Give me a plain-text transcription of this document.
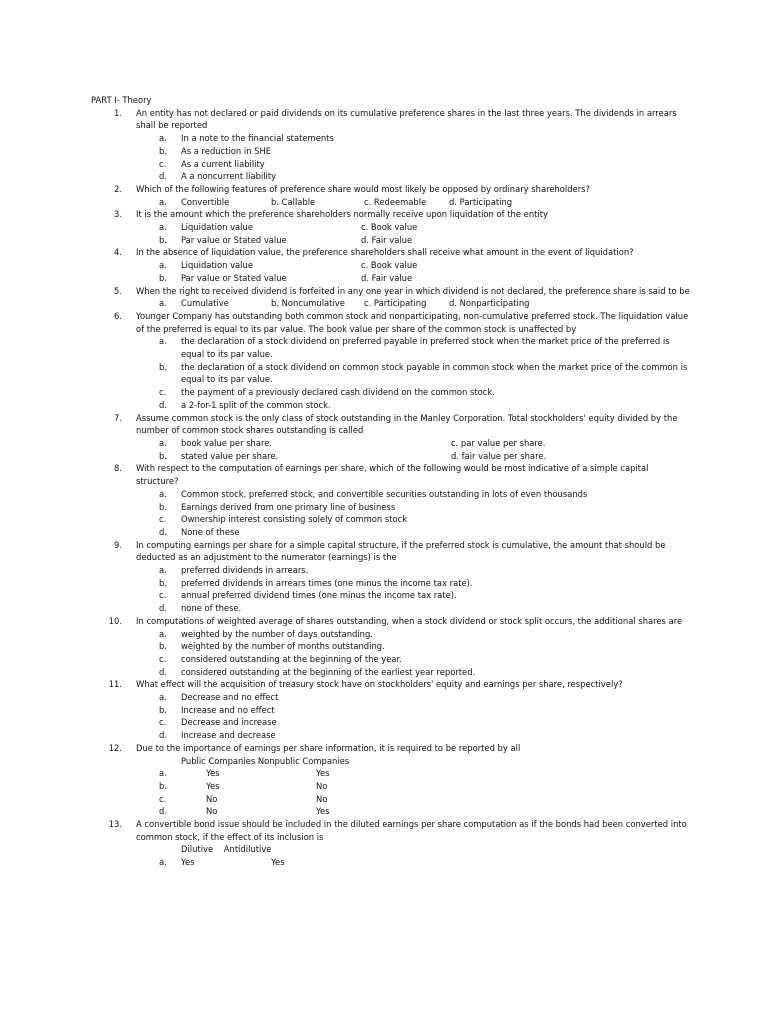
PART I- Theory
1. An entity has not declared or paid dividends on its cumulative preference shares in the last three years. The dividends in arrears shall be reported
a. In a note to the financial statements
b. As a reduction in SHE
c. As a current liability
d. A a noncurrent liability
2. Which of the following features of preference share would most likely be opposed by ordinary shareholders?
a. Convertible	b. Callable	c. Redeemable	d. Participating
3. It is the amount which the preference shareholders normally receive upon liquidation of the entity
a. Liquidation value	c. Book value
b. Par value or Stated value	d. Fair value
4. In the absence of liquidation value, the preference shareholders shall receive what amount in the event of liquidation?
a. Liquidation value	c. Book value
b. Par value or Stated value	d. Fair value
5. When the right to received dividend is forfeited in any one year in which dividend is not declared, the preference share is said to be
a. Cumulative	b. Noncumulative	c. Participating	d. Nonparticipating
6. Younger Company has outstanding both common stock and nonparticipating, non-cumulative preferred stock. The liquidation value of the preferred is equal to its par value. The book value per share of the common stock is unaffected by
a. the declaration of a stock dividend on preferred payable in preferred stock when the market price of the preferred is equal to its par value.
b. the declaration of a stock dividend on common stock payable in common stock when the market price of the common is equal to its par value.
c. the payment of a previously declared cash dividend on the common stock.
d. a 2-for-1 split of the common stock.
7. Assume common stock is the only class of stock outstanding in the Manley Corporation. Total stockholders' equity divided by the number of common stock shares outstanding is called
a. book value per share.	c. par value per share.
b. stated value per share.	d. fair value per share.
8. With respect to the computation of earnings per share, which of the following would be most indicative of a simple capital structure?
a. Common stock, preferred stock, and convertible securities outstanding in lots of even thousands
b. Earnings derived from one primary line of business
c. Ownership interest consisting solely of common stock
d. None of these
9. In computing earnings per share for a simple capital structure, if the preferred stock is cumulative, the amount that should be deducted as an adjustment to the numerator (earnings) is the
a. preferred dividends in arrears.
b. preferred dividends in arrears times (one minus the income tax rate).
c. annual preferred dividend times (one minus the income tax rate).
d. none of these.
10. In computations of weighted average of shares outstanding, when a stock dividend or stock split occurs, the additional shares are
a. weighted by the number of days outstanding.
b. weighted by the number of months outstanding.
c. considered outstanding at the beginning of the year.
d. considered outstanding at the beginning of the earliest year reported.
11. What effect will the acquisition of treasury stock have on stockholders' equity and earnings per share, respectively?
a. Decrease and no effect
b. Increase and no effect
c. Decrease and increase
d. Increase and decrease
12. Due to the importance of earnings per share information, it is required to be reported by all
Public Companies Nonpublic Companies
a.	Yes	Yes
b.	Yes	No
c.	No	No
d.	No	Yes
13. A convertible bond issue should be included in the diluted earnings per share computation as if the bonds had been converted into common stock, if the effect of its inclusion is
Dilutive    Antidilutive
a.	Yes	Yes
